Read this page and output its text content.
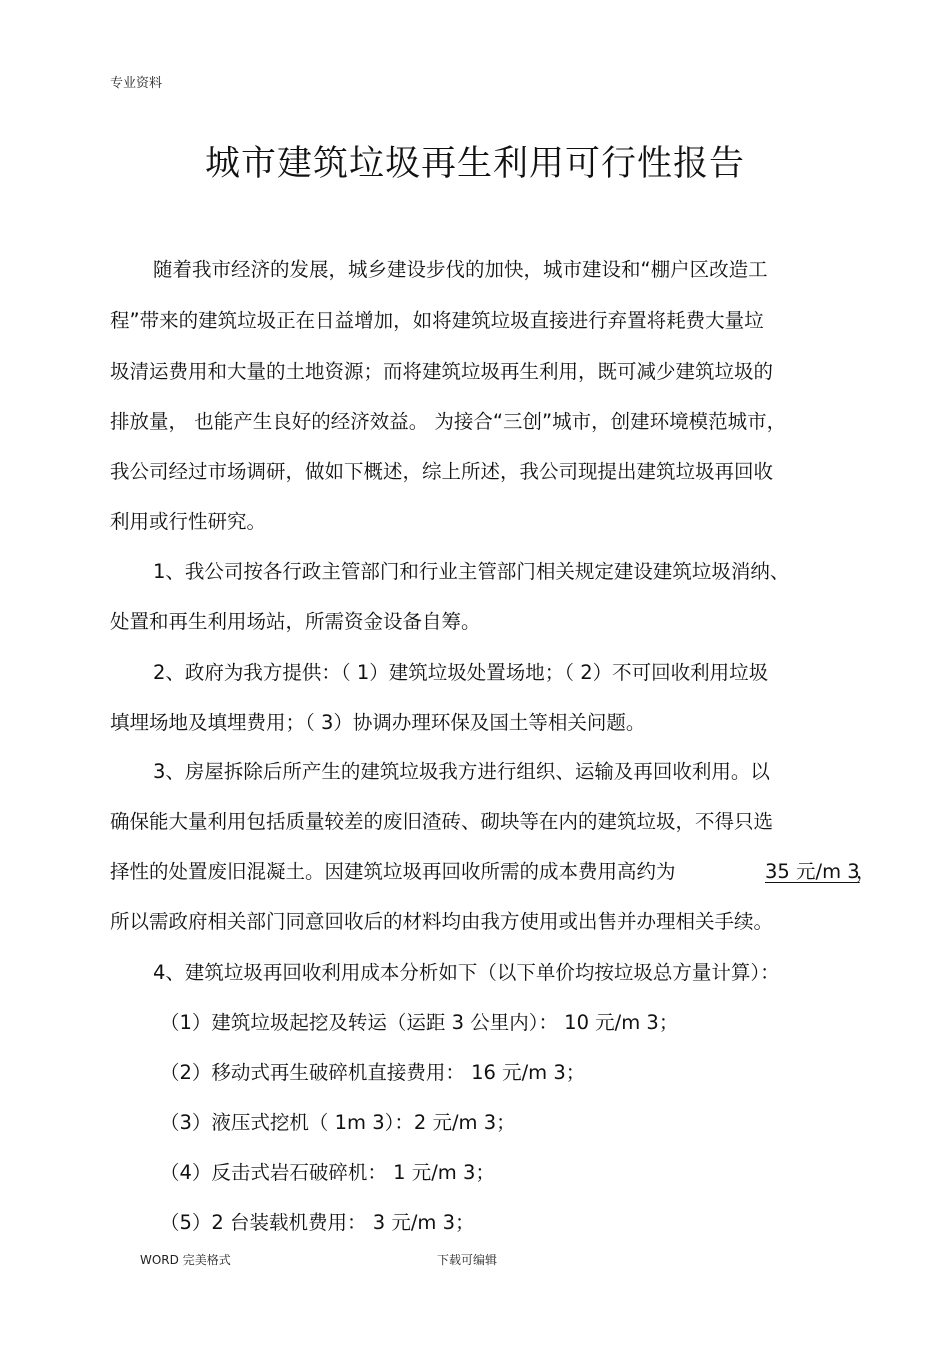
专业资料
城市建筑垃圾再生利用可行性报告
随着我市经济的发展，城乡建设步伐的加快，城市建设和“棚户区改造工
程”带来的建筑垃圾正在日益增加，如将建筑垃圾直接进行弃置将耗费大量垃
圾清运费用和大量的土地资源；而将建筑垃圾再生利用，既可减少建筑垃圾的
排放量， 也能产生良好的经济效益。 为接合“三创”城市，创建环境模范城市，
我公司经过市场调研，做如下概述，综上所述，我公司现提出建筑垃圾再回收
利用或行性研究。
1、我公司按各行政主管部门和行业主管部门相关规定建设建筑垃圾消纳、
处置和再生利用场站，所需资金设备自筹。
2、政府为我方提供：（ 1）建筑垃圾处置场地；（ 2）不可回收利用垃圾
填埋场地及填埋费用；（ 3）协调办理环保及国土等相关问题。
3、房屋拆除后所产生的建筑垃圾我方进行组织、运输及再回收利用。以
确保能大量利用包括质量较差的废旧渣砖、砌块等在内的建筑垃圾，不得只选
择性的处置废旧混凝土。因建筑垃圾再回收所需的成本费用高约为	35 元/m 3
，
所以需政府相关部门同意回收后的材料均由我方使用或出售并办理相关手续。
4、建筑垃圾再回收利用成本分析如下（以下单价均按垃圾总方量计算）：
（1）建筑垃圾起挖及转运（运距 3 公里内）： 10 元/m 3；
（2）移动式再生破碎机直接费用： 16 元/m 3；
（3）液压式挖机（ 1m 3）：2 元/m 3；
（4）反击式岩石破碎机： 1 元/m 3；
（5）2 台装载机费用： 3 元/m 3；
WORD 完美格式	下载可编辑
